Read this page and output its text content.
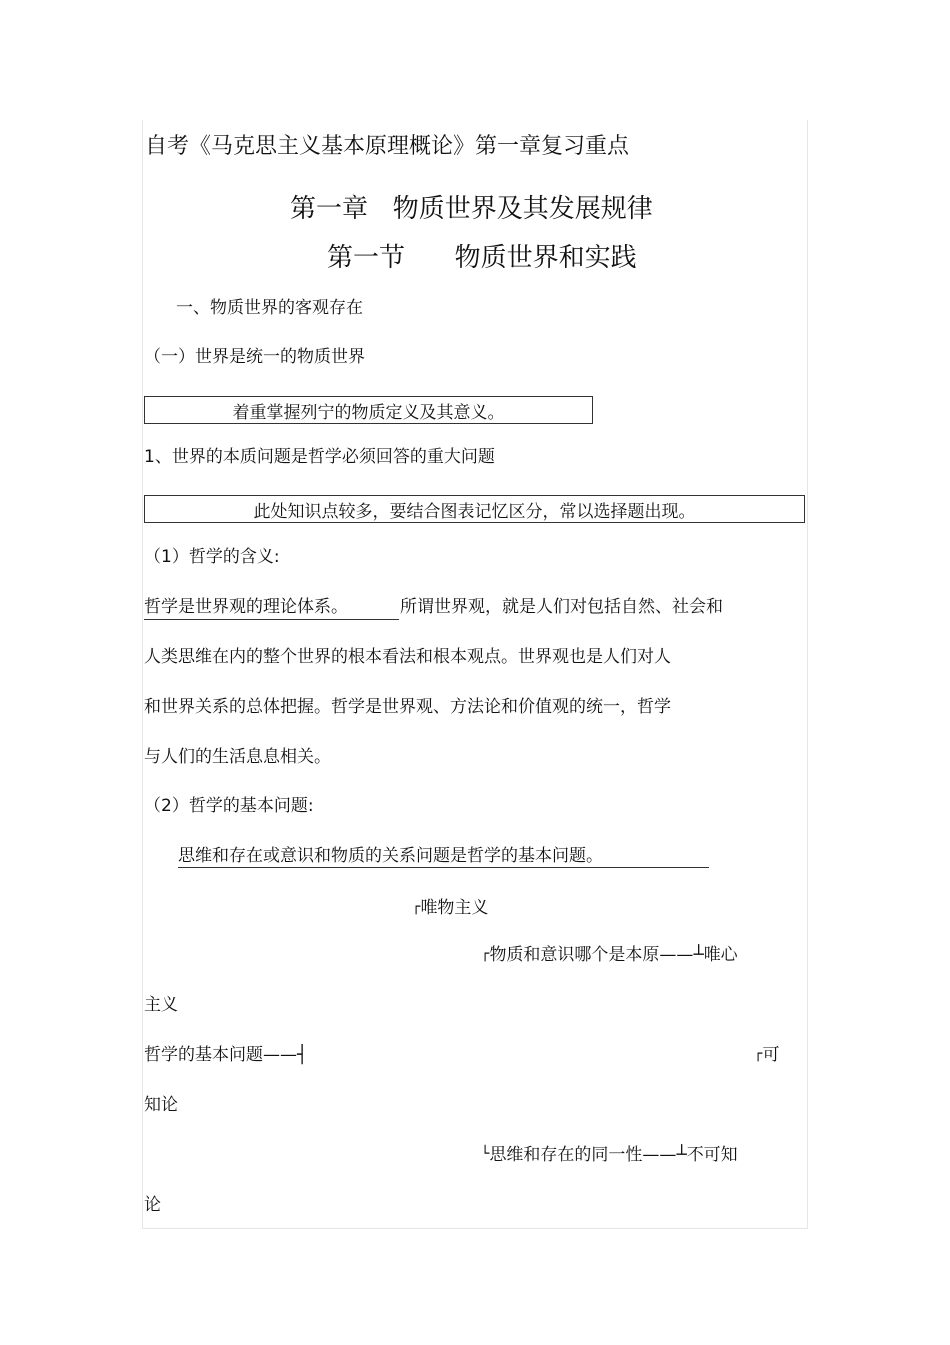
自考《马克思主义基本原理概论》第一章复习重点
第一章   物质世界及其发展规律
第一节      物质世界和实践
一、物质世界的客观存在
（一）世界是统一的物质世界
着重掌握列宁的物质定义及其意义。
1、世界的本质问题是哲学必须回答的重大问题
此处知识点较多，要结合图表记忆区分，常以选择题出现。
（1）哲学的含义:
哲学是世界观的理论体系。	所谓世界观，就是人们对包括自然、社会和
人类思维在内的整个世界的根本看法和根本观点。世界观也是人们对人
和世界关系的总体把握。哲学是世界观、方法论和价值观的统一，哲学
与人们的生活息息相关。
（2）哲学的基本问题:
思维和存在或意识和物质的关系问题是哲学的基本问题。
┌唯物主义
┌物质和意识哪个是本原——┴唯心
主义
哲学的基本问题——┤	┌可
知论
└思维和存在的同一性——┴不可知
论
